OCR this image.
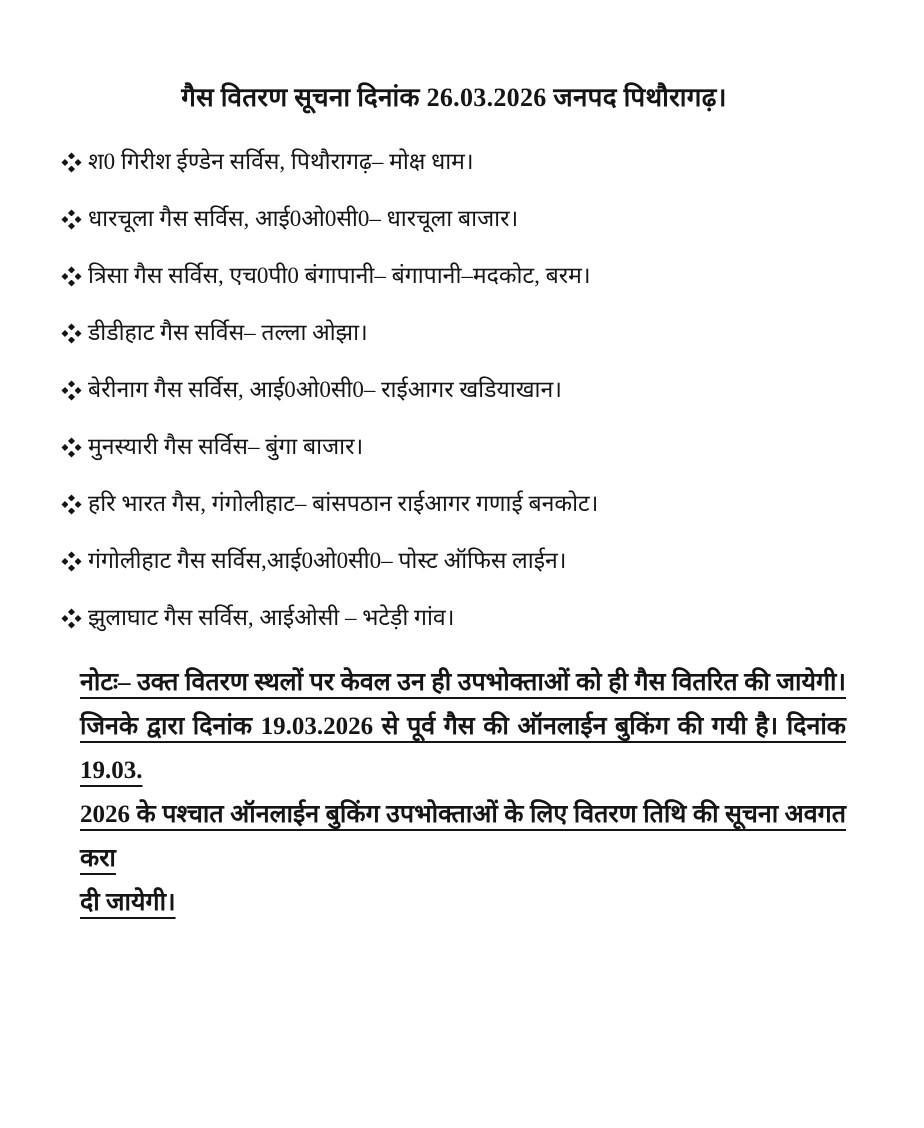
गैस वितरण सूचना दिनांक 26.03.2026 जनपद पिथौरागढ़।
श0 गिरीश ईण्डेन सर्विस, पिथौरागढ़– मोक्ष धाम।
धारचूला गैस सर्विस, आई0ओ0सी0– धारचूला बाजार।
त्रिसा गैस सर्विस, एच0पी0 बंगापानी– बंगापानी–मदकोट, बरम।
डीडीहाट गैस सर्विस– तल्ला ओझा।
बेरीनाग गैस सर्विस, आई0ओ0सी0– राईआगर खडियाखान।
मुनस्यारी गैस सर्विस– बुंगा बाजार।
हरि भारत गैस, गंगोलीहाट– बांसपठान राईआगर गणाई बनकोट।
गंगोलीहाट गैस सर्विस,आई0ओ0सी0– पोस्ट ऑफिस लाईन।
झुलाघाट गैस सर्विस, आईओसी – भटेड़ी गांव।
नोटः– उक्त वितरण स्थलों पर केवल उन ही उपभोक्ताओं को ही गैस वितरित की जायेगी।
जिनके द्वारा दिनांक 19.03.2026 से पूर्व गैस की ऑनलाईन बुकिंग की गयी है। दिनांक 19.03.
2026 के पश्चात ऑनलाईन बुकिंग उपभोक्ताओं के लिए वितरण तिथि की सूचना अवगत करा
दी जायेगी।
